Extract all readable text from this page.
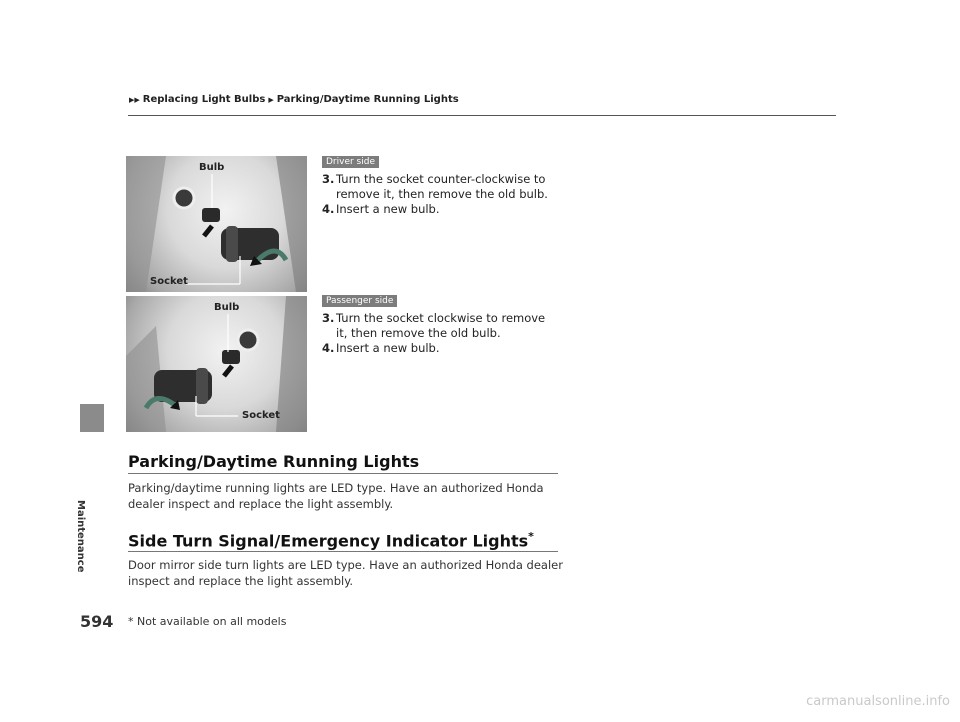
▶▶ Replacing Light Bulbs ▶ Parking/Daytime Running Lights
Maintenance
Bulb
Socket
Driver side
3. Turn the socket counter-clockwise to remove it, then remove the old bulb.
4. Insert a new bulb.
Bulb
Socket
Passenger side
3. Turn the socket clockwise to remove it, then remove the old bulb.
4. Insert a new bulb.
Parking/Daytime Running Lights
Parking/daytime running lights are LED type. Have an authorized Honda dealer inspect and replace the light assembly.
Side Turn Signal/Emergency Indicator Lights*
Door mirror side turn lights are LED type. Have an authorized Honda dealer inspect and replace the light assembly.
594 * Not available on all models
carmanualsonline.info
